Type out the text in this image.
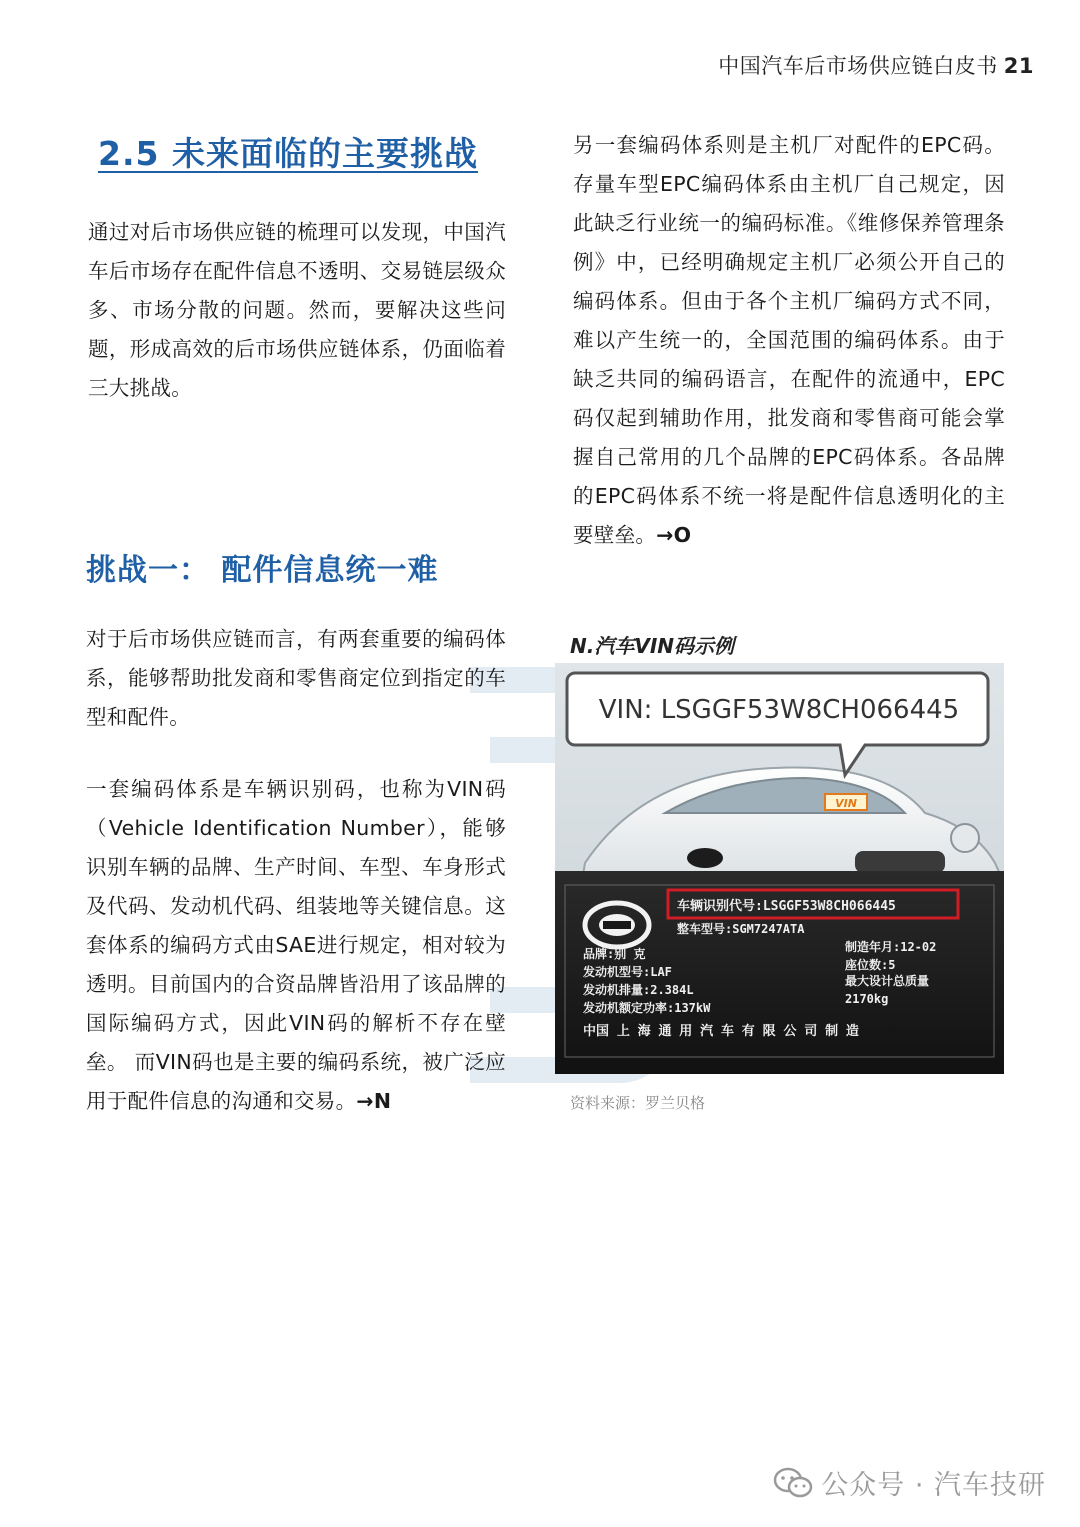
中国汽车后市场供应链白皮书 21
2.5 未来面临的主要挑战

通过对后市场供应链的梳理可以发现，中国汽车后市场存在配件信息不透明、交易链层级众多、市场分散的问题。然而，要解决这些问题，形成高效的后市场供应链体系，仍面临着三大挑战。

挑战一： 配件信息统一难

对于后市场供应链而言，有两套重要的编码体系，能够帮助批发商和零售商定位到指定的车型和配件。

一套编码体系是车辆识别码，也称为VIN码（Vehicle Identification Number），能够识别车辆的品牌、生产时间、车型、车身形式及代码、发动机代码、组装地等关键信息。这套体系的编码方式由SAE进行规定，相对较为透明。目前国内的合资品牌皆沿用了该品牌的国际编码方式，因此VIN码的解析不存在壁垒。 而VIN码也是主要的编码系统，被广泛应用于配件信息的沟通和交易。→N

另一套编码体系则是主机厂对配件的EPC码。存量车型EPC编码体系由主机厂自己规定，因此缺乏行业统一的编码标准。《维修保养管理条例》中，已经明确规定主机厂必须公开自己的编码体系。但由于各个主机厂编码方式不同，难以产生统一的，全国范围的编码体系。由于缺乏共同的编码语言，在配件的流通中，EPC码仅起到辅助作用，批发商和零售商可能会掌握自己常用的几个品牌的EPC码体系。各品牌的EPC码体系不统一将是配件信息透明化的主要壁垒。→O

N.汽车VIN码示例
VIN
VIN: LSGGF53W8CH066445
车辆识别代号:LSGGF53W8CH066445
整车型号:SGM7247ATA
品牌:别 克
发动机型号:LAF
发动机排量:2.384L
发动机额定功率:137kW
制造年月:12-02
座位数:5
最大设计总质量
2170kg
中国 上 海 通 用 汽 车 有 限 公 司 制 造
资料来源：罗兰贝格
公众号 · 汽车技研
